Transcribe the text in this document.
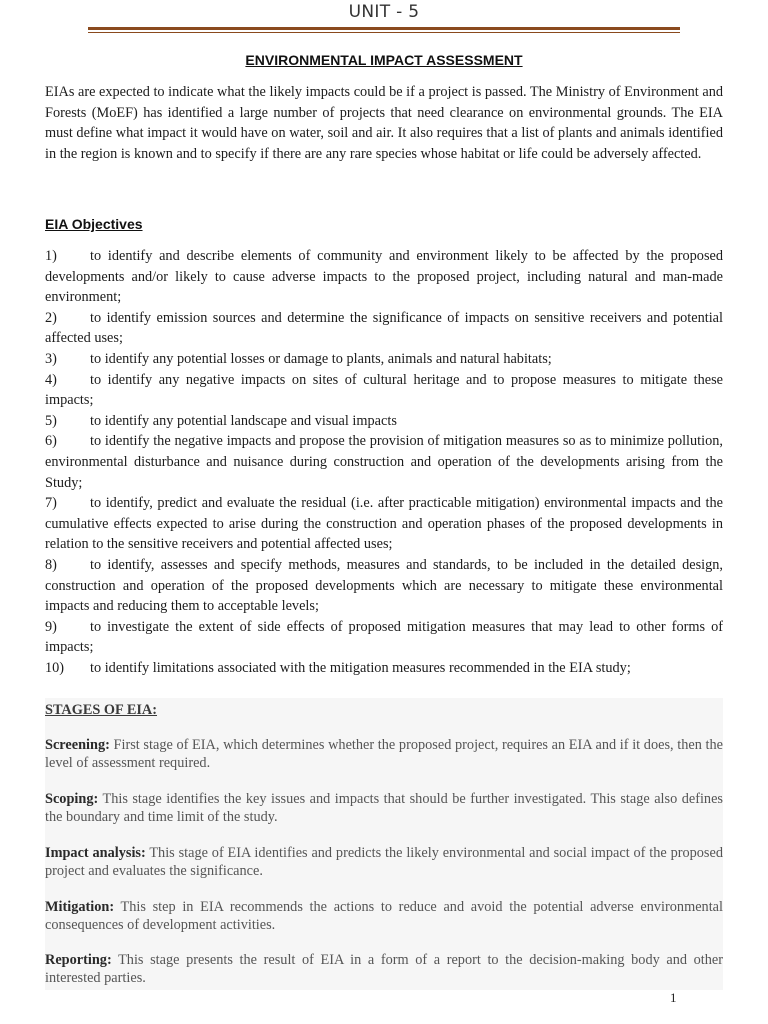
UNIT - 5
ENVIRONMENTAL IMPACT ASSESSMENT

EIAs are expected to indicate what the likely impacts could be if a project is passed. The Ministry of Environment and Forests (MoEF) has identified a large number of projects that need clearance on environmental grounds. The EIA must define what impact it would have on water, soil and air. It also requires that a list of plants and animals identified in the region is known and to specify if there are any rare species whose habitat or life could be adversely affected.

EIA Objectives

1) to identify and describe elements of community and environment likely to be affected by the proposed developments and/or likely to cause adverse impacts to the proposed project, including natural and man-made environment;

2) to identify emission sources and determine the significance of impacts on sensitive receivers and potential affected uses;

3) to identify any potential losses or damage to plants, animals and natural habitats;

4) to identify any negative impacts on sites of cultural heritage and to propose measures to mitigate these impacts;

5) to identify any potential landscape and visual impacts

6) to identify the negative impacts and propose the provision of mitigation measures so as to minimize pollution, environmental disturbance and nuisance during construction and operation of the developments arising from the Study;

7) to identify, predict and evaluate the residual (i.e. after practicable mitigation) environmental impacts and the cumulative effects expected to arise during the construction and operation phases of the proposed developments in relation to the sensitive receivers and potential affected uses;

8) to identify, assesses and specify methods, measures and standards, to be included in the detailed design, construction and operation of the proposed developments which are necessary to mitigate these environmental impacts and reducing them to acceptable levels;

9) to investigate the extent of side effects of proposed mitigation measures that may lead to other forms of impacts;

10) to identify limitations associated with the mitigation measures recommended in the EIA study;

STAGES OF EIA:

Screening: First stage of EIA, which determines whether the proposed project, requires an EIA and if it does, then the level of assessment required.

Scoping: This stage identifies the key issues and impacts that should be further investigated. This stage also defines the boundary and time limit of the study.

Impact analysis: This stage of EIA identifies and predicts the likely environmental and social impact of the proposed project and evaluates the significance.

Mitigation: This step in EIA recommends the actions to reduce and avoid the potential adverse environmental consequences of development activities.

Reporting: This stage presents the result of EIA in a form of a report to the decision-making body and other interested parties.

1
